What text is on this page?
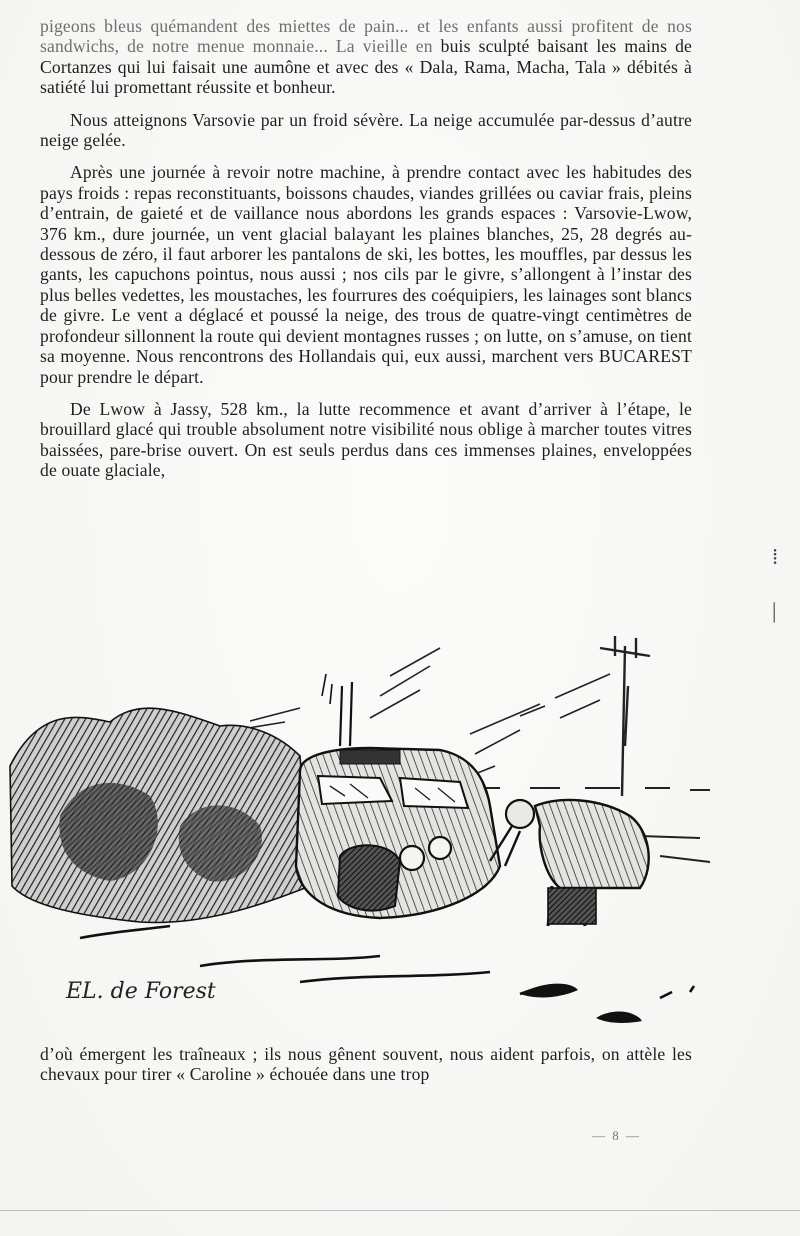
pigeons bleus quémandent des miettes de pain... et les enfants aussi profitent de nos sandwichs, de notre menue monnaie... La vieille en buis sculpté baisant les mains de Cortanzes qui lui faisait une aumône et avec des « Dala, Rama, Macha, Tala » débités à satiété lui promettant réussite et bonheur.

Nous atteignons Varsovie par un froid sévère. La neige accumulée par-dessus d’autre neige gelée.

Après une journée à revoir notre machine, à prendre contact avec les habitudes des pays froids : repas reconstituants, boissons chaudes, viandes grillées ou caviar frais, pleins d’entrain, de gaieté et de vaillance nous abordons les grands espaces : Varsovie-Lwow, 376 km., dure journée, un vent glacial balayant les plaines blanches, 25, 28 degrés au-dessous de zéro, il faut arborer les pantalons de ski, les bottes, les mouffles, par dessus les gants, les capuchons pointus, nous aussi ; nos cils par le givre, s’allongent à l’instar des plus belles vedettes, les moustaches, les fourrures des coéquipiers, les lainages sont blancs de givre. Le vent a déglacé et poussé la neige, des trous de quatre-vingt centimètres de profondeur sillonnent la route qui devient montagnes russes ; on lutte, on s’amuse, on tient sa moyenne. Nous rencontrons des Hollandais qui, eux aussi, marchent vers BUCAREST pour prendre le départ.

De Lwow à Jassy, 528 km., la lutte recommence et avant d’arriver à l’étape, le brouillard glacé qui trouble absolument notre visibilité nous oblige à marcher toutes vitres baissées, pare-brise ouvert. On est seuls perdus dans ces immenses plaines, enveloppées de ouate glaciale,

⁞
|
EL. de Forest

d’où émergent les traîneaux ; ils nous gênent souvent, nous aident parfois, on attèle les chevaux pour tirer « Caroline » échouée dans une trop

— 8 —
